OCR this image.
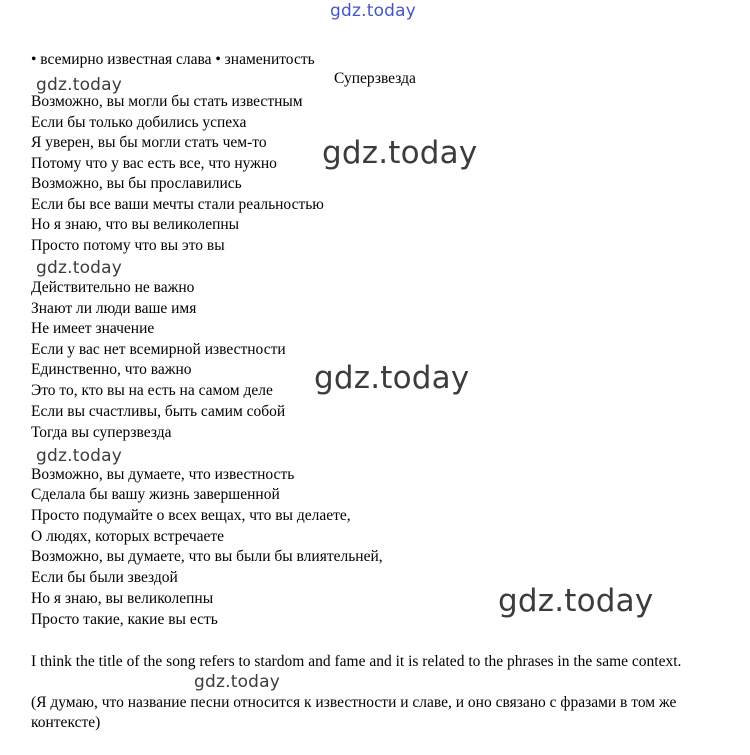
gdz.today
gdz.today
gdz.today
gdz.today
gdz.today
gdz.today
gdz.today
gdz.today
• всемирно известная слава • знаменитость
Суперзвезда
Возможно, вы могли бы стать известным
Если бы только добились успеха
Я уверен, вы бы могли стать чем-то
Потому что у вас есть все, что нужно
Возможно, вы бы прославились
Если бы все ваши мечты стали реальностью
Но я знаю, что вы великолепны
Просто потому что вы это вы
Действительно не важно
Знают ли люди ваше имя
Не имеет значение
Если у вас нет всемирной известности
Единственно, что важно
Это то, кто вы на есть на самом деле
Если вы счастливы, быть самим собой
Тогда вы суперзвезда
Возможно, вы думаете, что известность
Сделала бы вашу жизнь завершенной
Просто подумайте о всех вещах, что вы делаете,
О людях, которых встречаете
Возможно, вы думаете, что вы были бы влиятельней,
Если бы были звездой
Но я знаю, вы великолепны
Просто такие, какие вы есть
I think the title of the song refers to stardom and fame and it is related to the phrases in the same context.
(Я думаю, что название песни относится к известности и славе, и оно связано с фразами в том же контексте)
